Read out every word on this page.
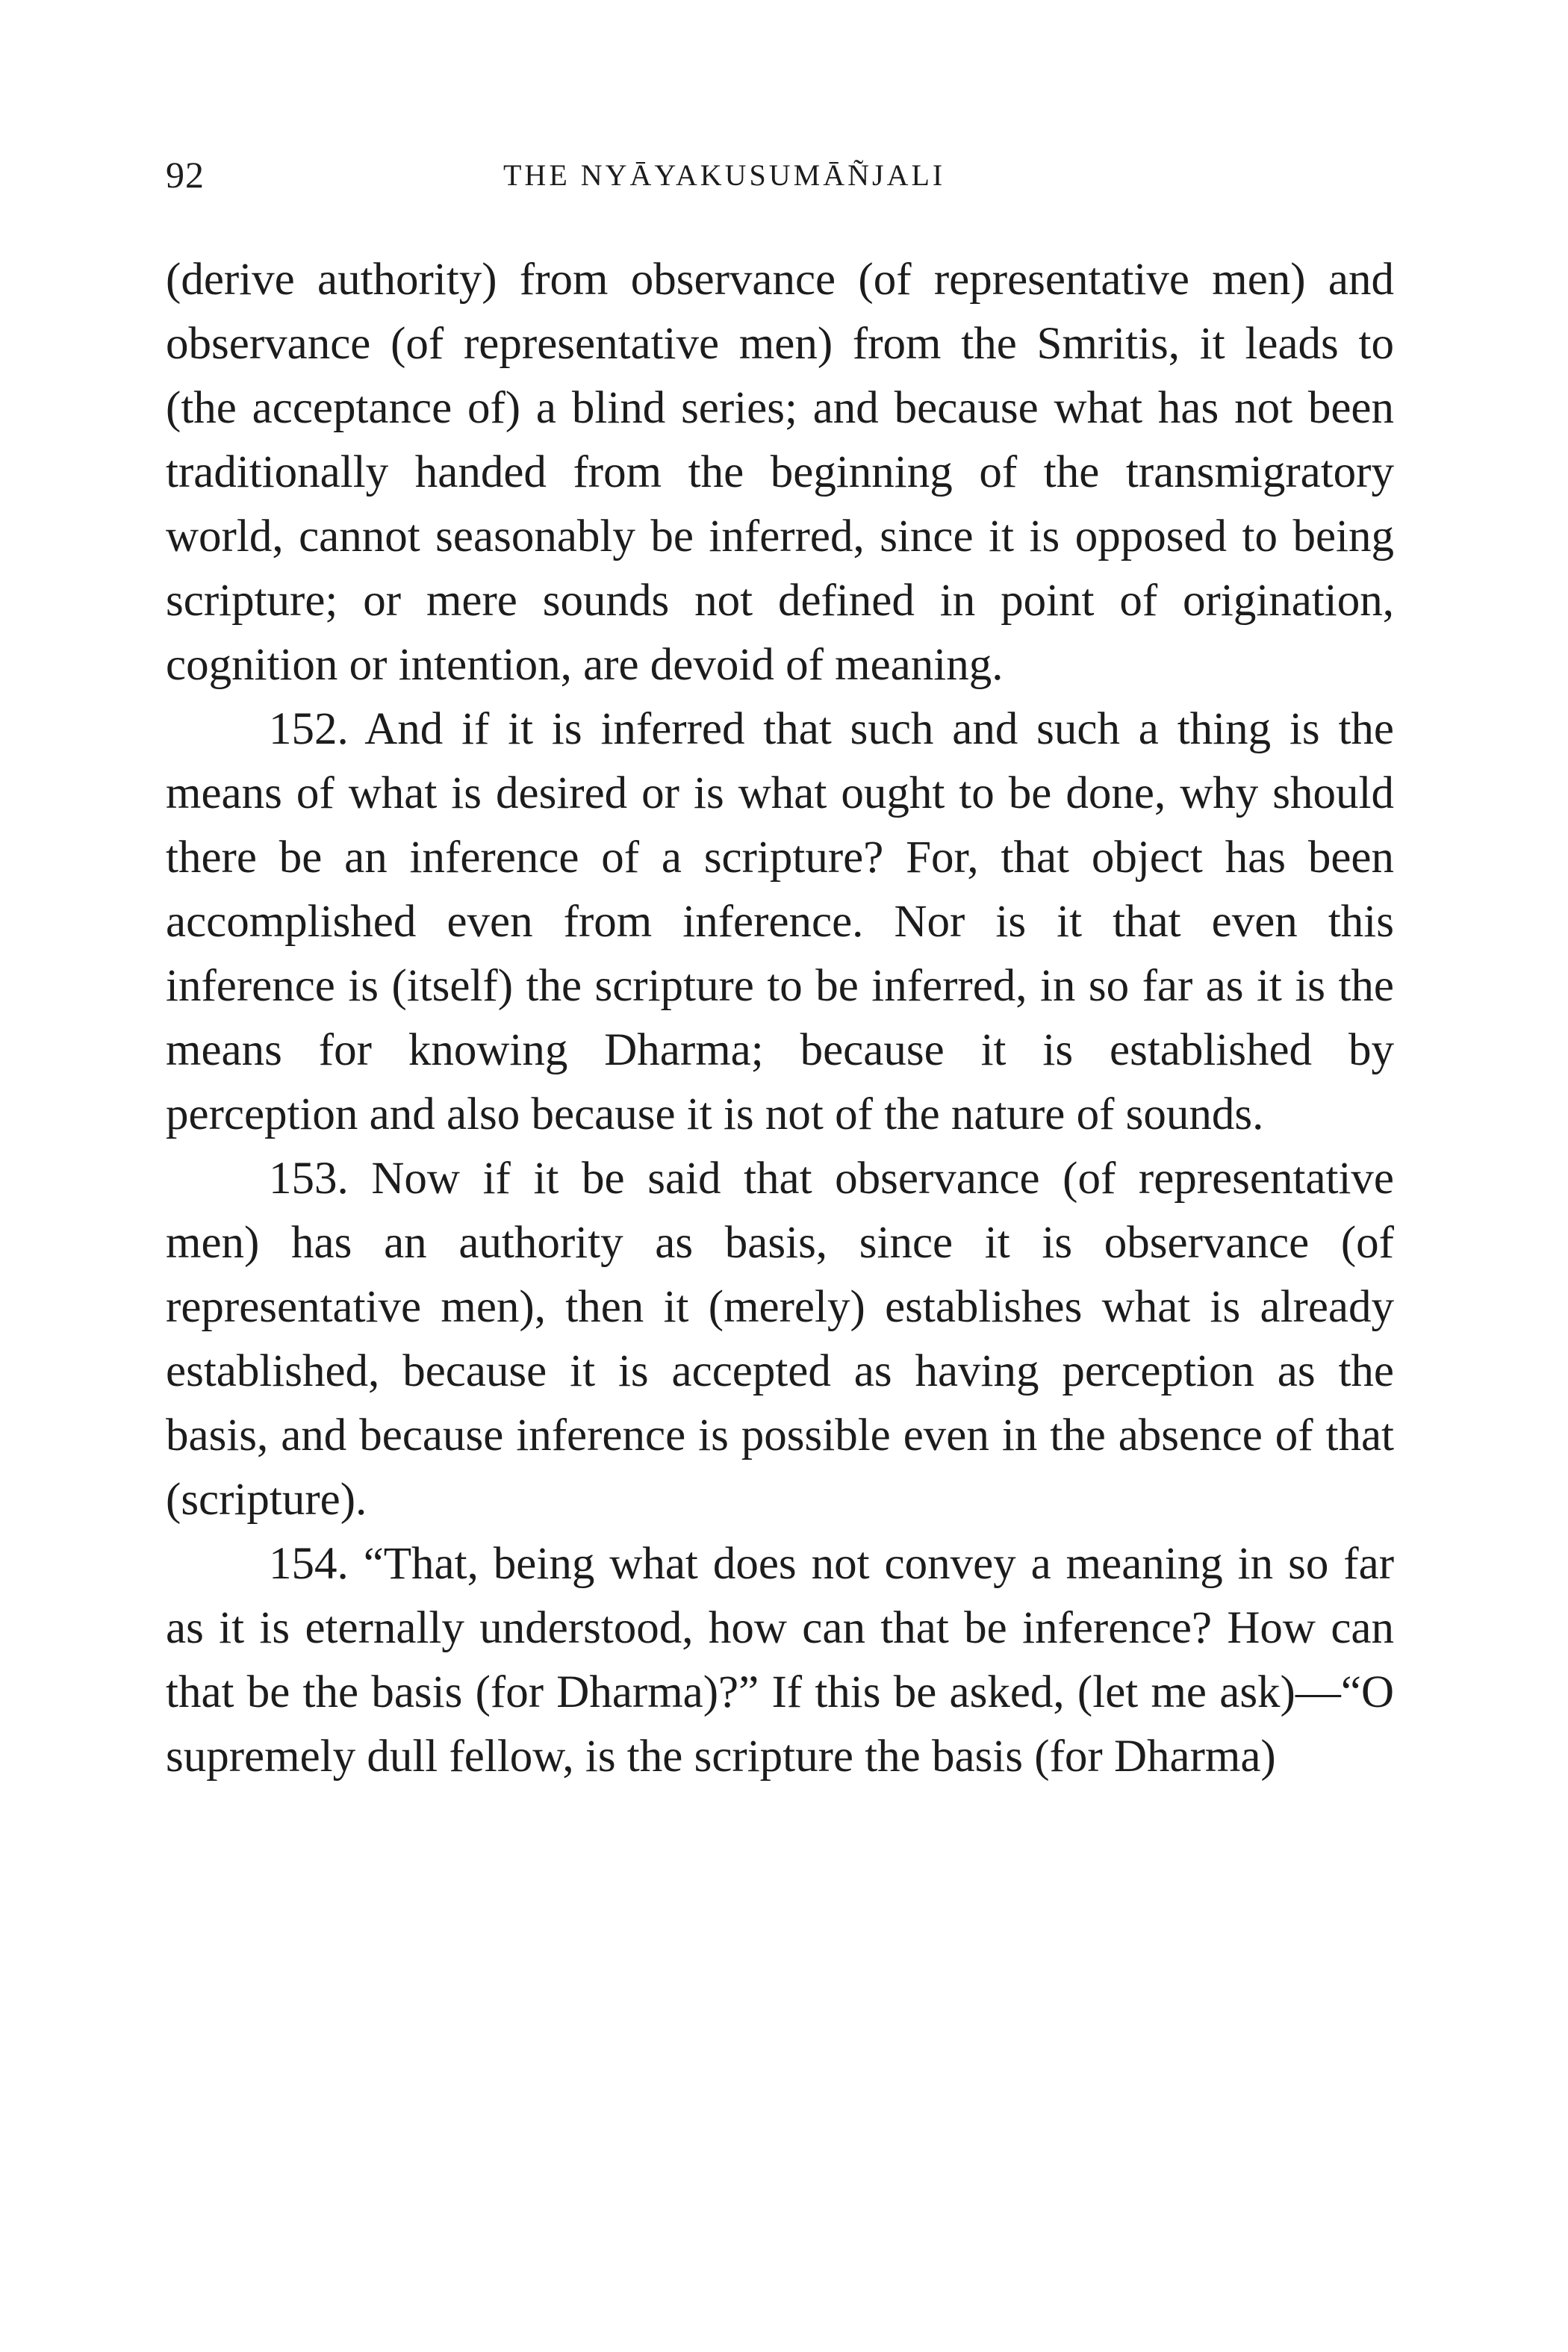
92	THE NYĀYAKUSUMĀÑJALI

(derive authority) from observance (of representative men) and observance (of representative men) from the Smritis, it leads to (the acceptance of) a blind series; and because what has not been traditionally handed from the beginning of the transmigratory world, cannot seasonably be inferred, since it is opposed to being scripture; or mere sounds not defined in point of origination, cognition or intention, are devoid of meaning.

152. And if it is inferred that such and such a thing is the means of what is desired or is what ought to be done, why should there be an inference of a scripture? For, that object has been accomplished even from inference. Nor is it that even this inference is (itself) the scripture to be inferred, in so far as it is the means for knowing Dharma; because it is established by perception and also because it is not of the nature of sounds.

153. Now if it be said that observance (of representative men) has an authority as basis, since it is observance (of representative men), then it (merely) establishes what is already established, because it is accepted as having perception as the basis, and because inference is possible even in the absence of that (scripture).

154. “That, being what does not convey a meaning in so far as it is eternally understood, how can that be inference? How can that be the basis (for Dharma)?” If this be asked, (let me ask)—“O supremely dull fellow, is the scripture the basis (for Dharma)
